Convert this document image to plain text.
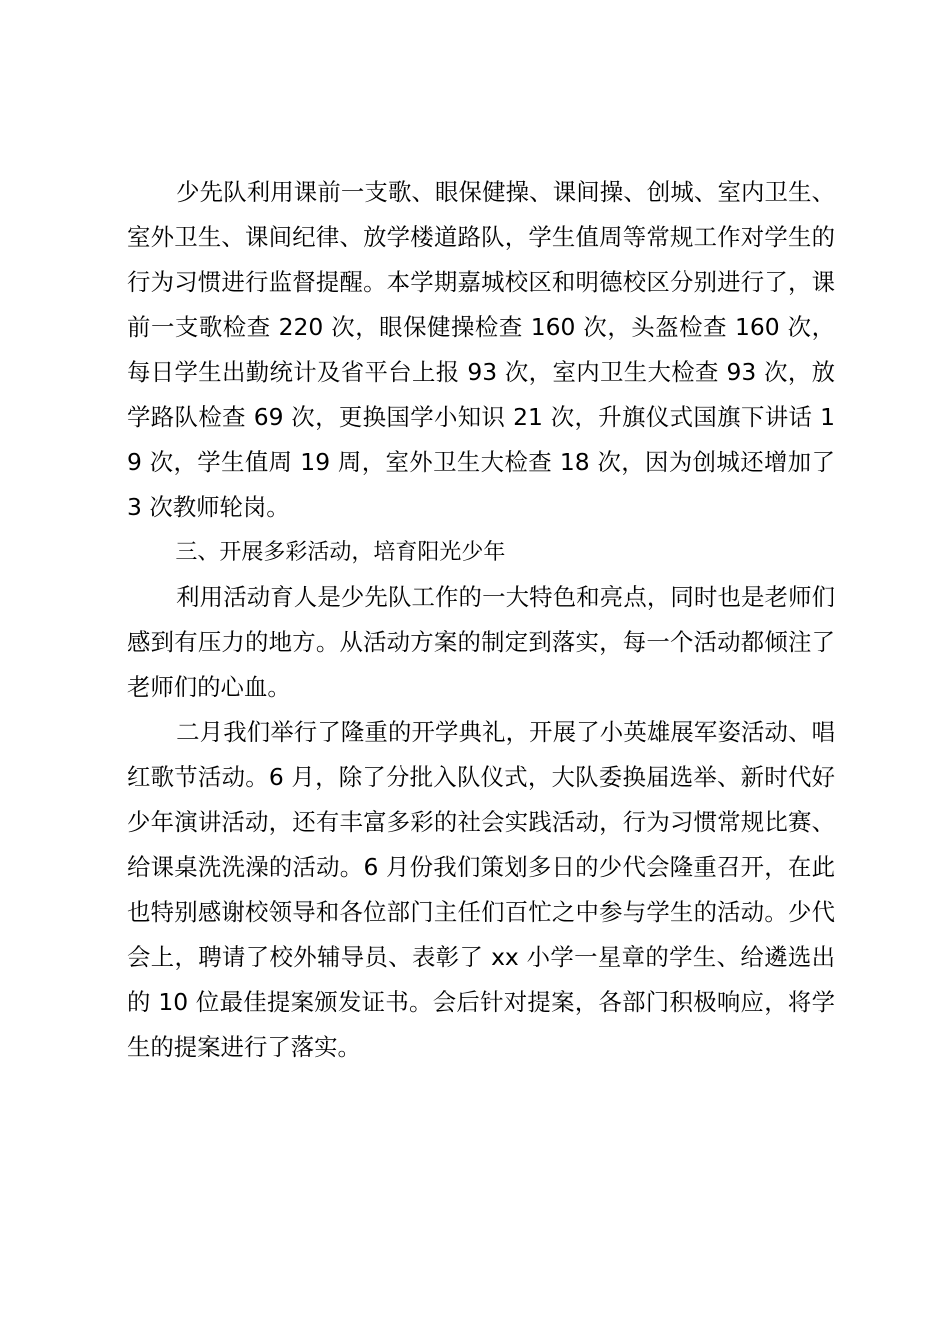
少先队利用课前一支歌、眼保健操、课间操、创城、室内卫生、室外卫生、课间纪律、放学楼道路队，学生值周等常规工作对学生的行为习惯进行监督提醒。本学期嘉城校区和明德校区分别进行了，课前一支歌检查 220 次，眼保健操检查 160 次，头盔检查 160 次，每日学生出勤统计及省平台上报 93 次，室内卫生大检查 93 次，放学路队检查 69 次，更换国学小知识 21 次，升旗仪式国旗下讲话 19 次，学生值周 19 周，室外卫生大检查 18 次，因为创城还增加了 3 次教师轮岗。

三、开展多彩活动，培育阳光少年

利用活动育人是少先队工作的一大特色和亮点，同时也是老师们感到有压力的地方。从活动方案的制定到落实，每一个活动都倾注了老师们的心血。

二月我们举行了隆重的开学典礼，开展了小英雄展军姿活动、唱红歌节活动。6 月，除了分批入队仪式，大队委换届选举、新时代好少年演讲活动，还有丰富多彩的社会实践活动，行为习惯常规比赛、给课桌洗洗澡的活动。6 月份我们策划多日的少代会隆重召开，在此也特别感谢校领导和各位部门主任们百忙之中参与学生的活动。少代会上，聘请了校外辅导员、表彰了 xx 小学一星章的学生、给遴选出的 10 位最佳提案颁发证书。会后针对提案，各部门积极响应，将学生的提案进行了落实。
